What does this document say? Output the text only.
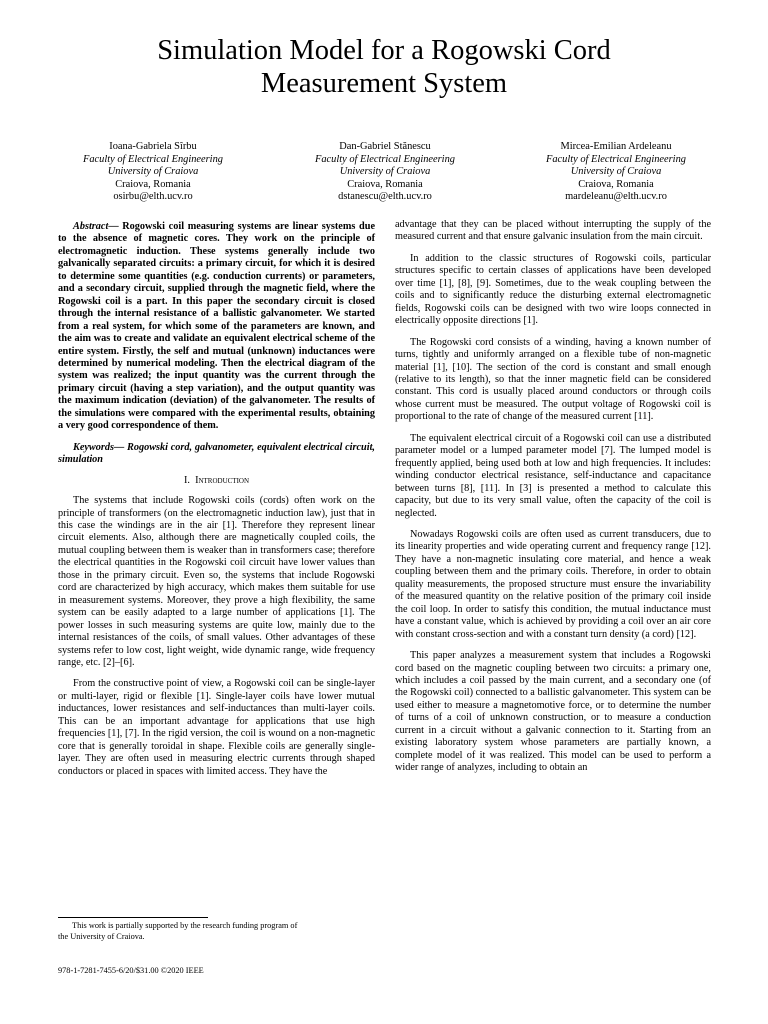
Simulation Model for a Rogowski Cord
Measurement System
Ioana-Gabriela Sîrbu
Faculty of Electrical Engineering
University of Craiova
Craiova, Romania
osirbu@elth.ucv.ro
Dan-Gabriel Stănescu
Faculty of Electrical Engineering
University of Craiova
Craiova, Romania
dstanescu@elth.ucv.ro
Mircea-Emilian Ardeleanu
Faculty of Electrical Engineering
University of Craiova
Craiova, Romania
mardeleanu@elth.ucv.ro

Abstract— Rogowski coil measuring systems are linear systems due to the absence of magnetic cores. They work on the principle of electromagnetic induction. These systems generally include two galvanically separated circuits: a primary circuit, for which it is desired to determine some quantities (e.g. conduction currents) or parameters, and a secondary circuit, supplied through the magnetic field, where the Rogowski coil is a part. In this paper the secondary circuit is closed through the internal resistance of a ballistic galvanometer. We started from a real system, for which some of the parameters are known, and the aim was to create and validate an equivalent electrical scheme of the entire system. Firstly, the self and mutual (unknown) inductances were determined by numerical modeling. Then the electrical diagram of the system was realized; the input quantity was the current through the primary circuit (having a step variation), and the output quantity was the maximum indication (deviation) of the galvanometer. The results of the simulations were compared with the experimental results, obtaining a very good correspondence of them.

Keywords— Rogowski cord, galvanometer, equivalent electrical circuit, simulation

I. Introduction

The systems that include Rogowski coils (cords) often work on the principle of transformers (on the electromagnetic induction law), just that in this case the windings are in the air [1]. Therefore they represent linear circuit elements. Also, although there are magnetically coupled coils, the mutual coupling between them is weaker than in transformers case; therefore the electrical quantities in the Rogowski coil circuit have lower values than those in the primary circuit. Even so, the systems that include Rogowski cord are characterized by high accuracy, which makes them suitable for use in measurement systems. Moreover, they prove a high flexibility, the same system can be easily adapted to a large number of applications [1]. The power losses in such measuring systems are quite low, mainly due to the internal resistances of the coils, of small values. Other advantages of these systems refer to low cost, light weight, wide dynamic range, wide frequency range, etc. [2]–[6].

From the constructive point of view, a Rogowski coil can be single-layer or multi-layer, rigid or flexible [1]. Single-layer coils have lower mutual inductances, lower resistances and self-inductances than multi-layer coils. This can be an important advantage for applications that use high frequencies [1], [7]. In the rigid version, the coil is wound on a non-magnetic core that is generally toroidal in shape. Flexible coils are generally single-layer. They are often used in measuring electric currents through shaped conductors or placed in spaces with limited access. They have the

advantage that they can be placed without interrupting the supply of the measured current and that ensure galvanic insulation from the main circuit.

In addition to the classic structures of Rogowski coils, particular structures specific to certain classes of applications have been developed over time [1], [8], [9]. Sometimes, due to the weak coupling between the coils and to significantly reduce the disturbing external electromagnetic fields, Rogowski coils can be designed with two wire loops connected in electrically opposite directions [1].

The Rogowski cord consists of a winding, having a known number of turns, tightly and uniformly arranged on a flexible tube of non-magnetic material [1], [10]. The section of the cord is constant and small enough (relative to its length), so that the inner magnetic field can be considered constant. This cord is usually placed around conductors or through coils whose current must be measured. The output voltage of Rogowski coil is proportional to the rate of change of the measured current [11].

The equivalent electrical circuit of a Rogowski coil can use a distributed parameter model or a lumped parameter model [7]. The lumped model is frequently applied, being used both at low and high frequencies. It includes: winding conductor electrical resistance, self-inductance and capacitance between turns [8], [11]. In [3] is presented a method to calculate this capacity, but due to its very small value, often the capacity of the coil is neglected.

Nowadays Rogowski coils are often used as current transducers, due to its linearity properties and wide operating current and frequency range [12]. They have a non-magnetic insulating core material, and hence a weak coupling between them and the primary coils. Therefore, in order to obtain quality measurements, the proposed structure must ensure the invariability of the measured quantity on the relative position of the primary coil inside the coil loop. In order to satisfy this condition, the mutual inductance must have a constant value, which is achieved by providing a coil over an air core with constant cross-section and with a constant turn density (a cord) [12].

This paper analyzes a measurement system that includes a Rogowski cord based on the magnetic coupling between two circuits: a primary one, which includes a coil passed by the main current, and a secondary one (of the Rogowski coil) connected to a ballistic galvanometer. This system can be used either to measure a magnetomotive force, or to determine the number of turns of a coil of unknown construction, or to measure a conduction current in a circuit without a galvanic connection to it. Starting from an existing laboratory system whose parameters are partially known, a complete model of it was realized. This model can be used to perform a wider range of analyzes, including to obtain an

This work is partially supported by the research funding program of
the University of Craiova.
978-1-7281-7455-6/20/$31.00 ©2020 IEEE
